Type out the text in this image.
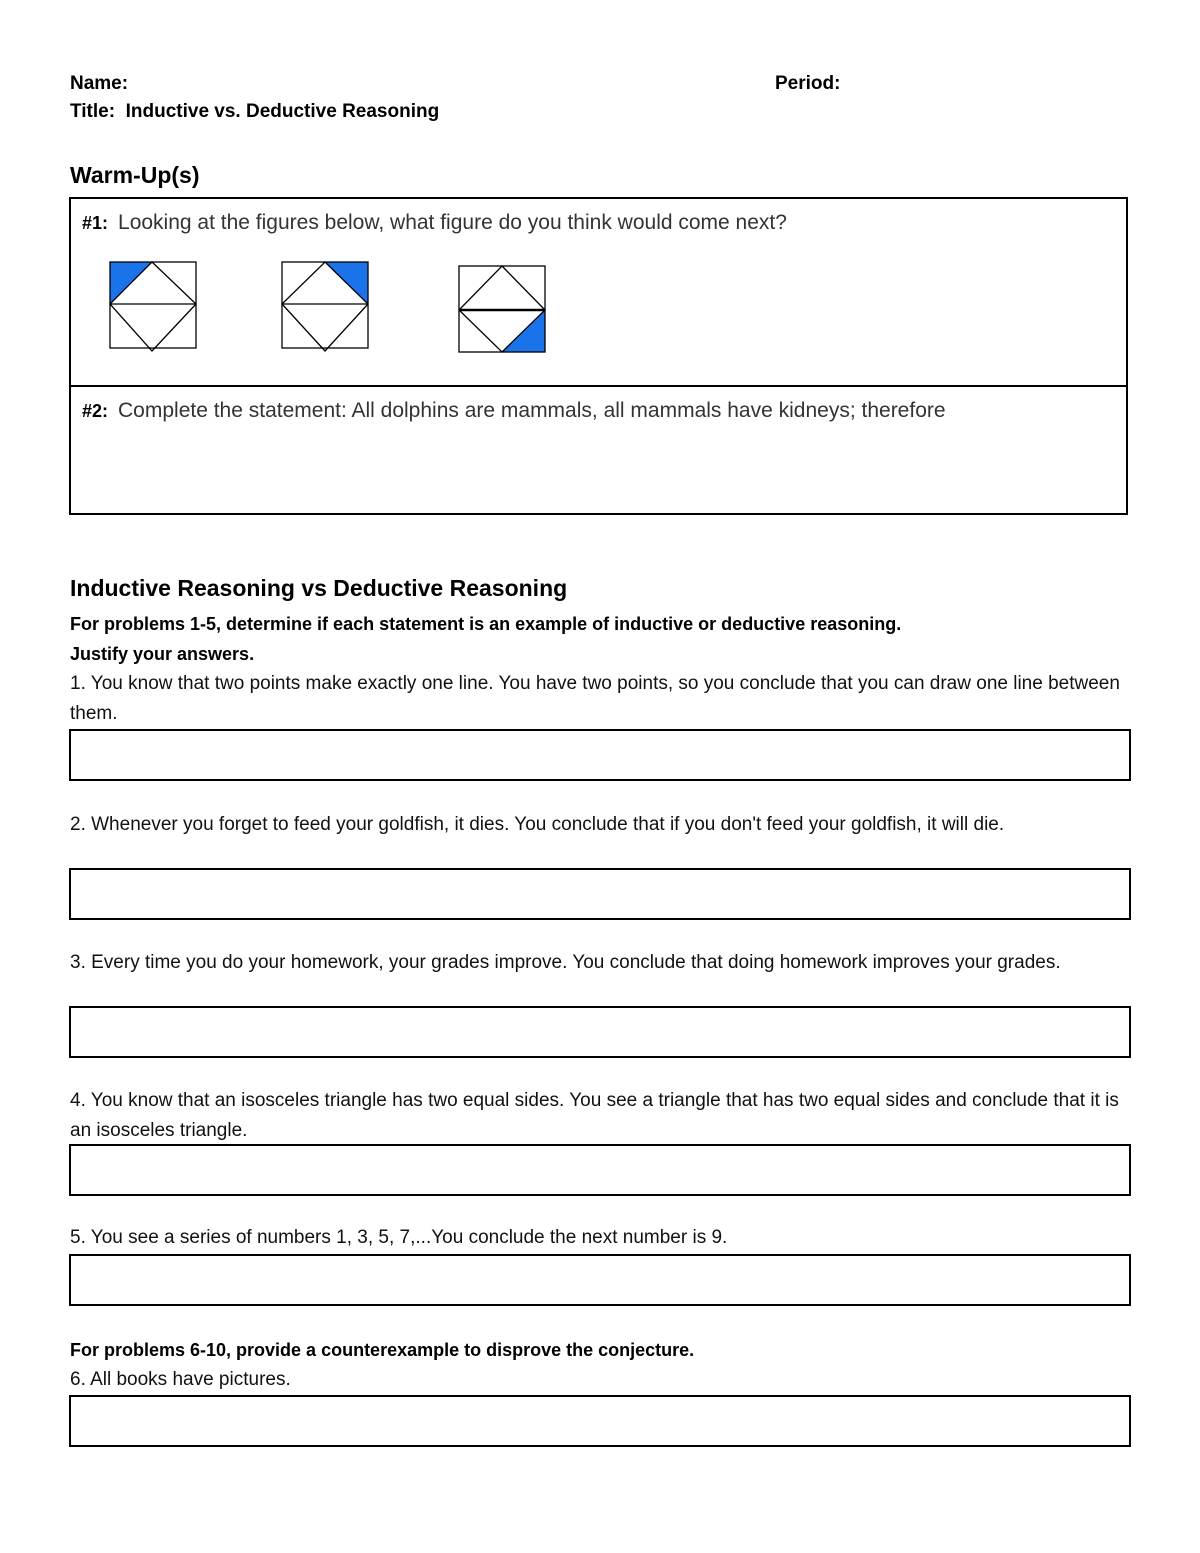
Name:	Period:
Title: Inductive vs. Deductive Reasoning
Warm-Up(s)
#1: Looking at the figures below, what figure do you think would come next?
#2: Complete the statement: All dolphins are mammals, all mammals have kidneys; therefore
Inductive Reasoning vs Deductive Reasoning
For problems 1-5, determine if each statement is an example of inductive or deductive reasoning.
Justify your answers.
1. You know that two points make exactly one line. You have two points, so you conclude that you can draw one line between them.
2. Whenever you forget to feed your goldfish, it dies. You conclude that if you don't feed your goldfish, it will die.
3. Every time you do your homework, your grades improve. You conclude that doing homework improves your grades.
4. You know that an isosceles triangle has two equal sides. You see a triangle that has two equal sides and conclude that it is an isosceles triangle.
5. You see a series of numbers 1, 3, 5, 7,...You conclude the next number is 9.
For problems 6-10, provide a counterexample to disprove the conjecture.
6. All books have pictures.
